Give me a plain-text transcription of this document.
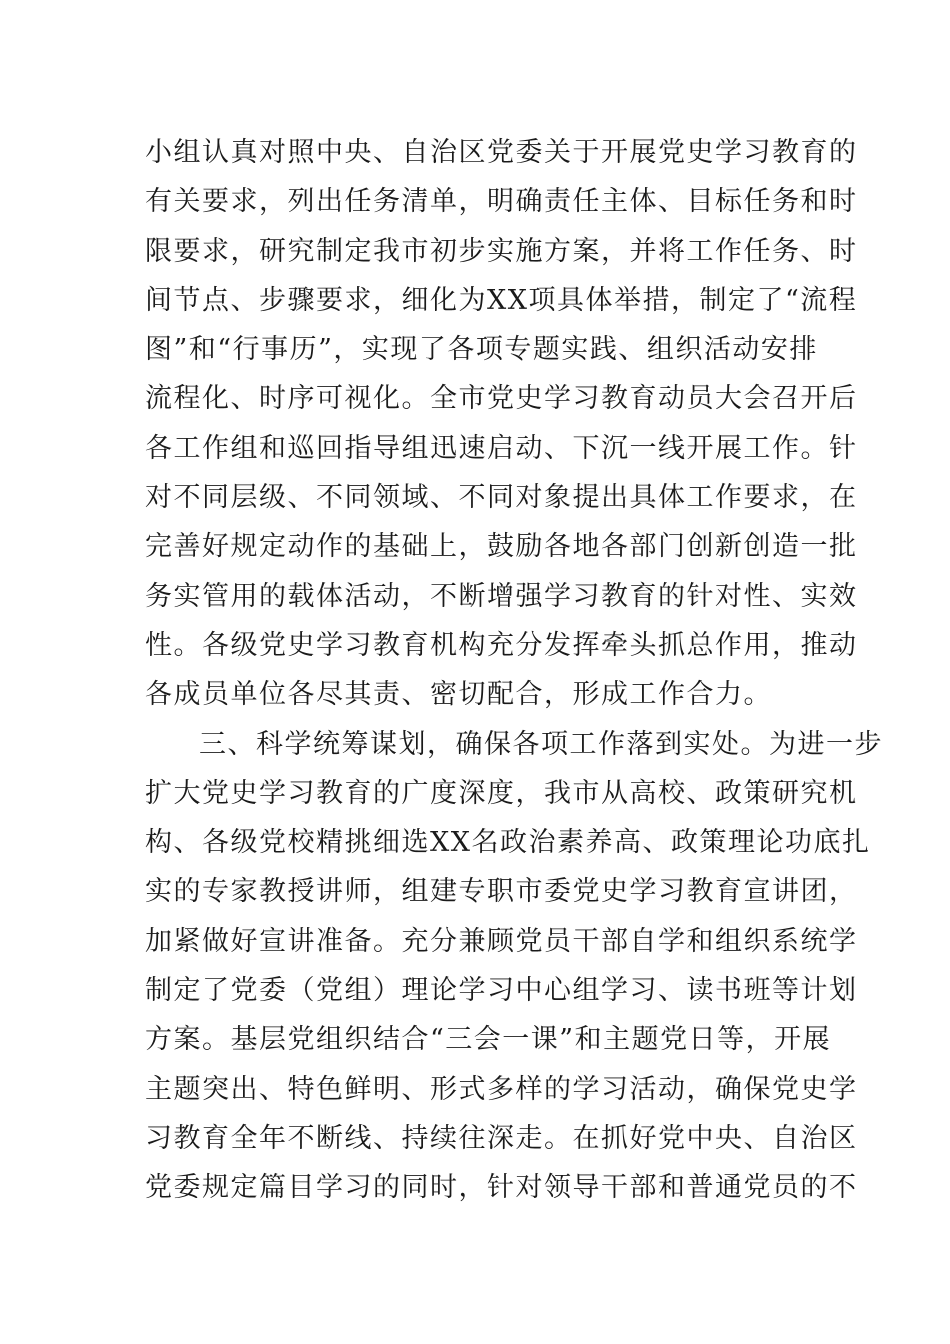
小组认真对照中央、自治区党委关于开展党史学习教育的
有关要求，列出任务清单，明确责任主体、目标任务和时
限要求，研究制定我市初步实施方案，并将工作任务、时
间节点、步骤要求，细化为XX项具体举措，制定了“流程
图”和“行事历”，实现了各项专题实践、组织活动安排
流程化、时序可视化。全市党史学习教育动员大会召开后
各工作组和巡回指导组迅速启动、下沉一线开展工作。针
对不同层级、不同领域、不同对象提出具体工作要求，在
完善好规定动作的基础上，鼓励各地各部门创新创造一批
务实管用的载体活动，不断增强学习教育的针对性、实效
性。各级党史学习教育机构充分发挥牵头抓总作用，推动
各成员单位各尽其责、密切配合，形成工作合力。
三、科学统筹谋划，确保各项工作落到实处。为进一步
扩大党史学习教育的广度深度，我市从高校、政策研究机
构、各级党校精挑细选XX名政治素养高、政策理论功底扎
实的专家教授讲师，组建专职市委党史学习教育宣讲团，
加紧做好宣讲准备。充分兼顾党员干部自学和组织系统学
制定了党委（党组）理论学习中心组学习、读书班等计划
方案。基层党组织结合“三会一课”和主题党日等，开展
主题突出、特色鲜明、形式多样的学习活动，确保党史学
习教育全年不断线、持续往深走。在抓好党中央、自治区
党委规定篇目学习的同时，针对领导干部和普通党员的不
